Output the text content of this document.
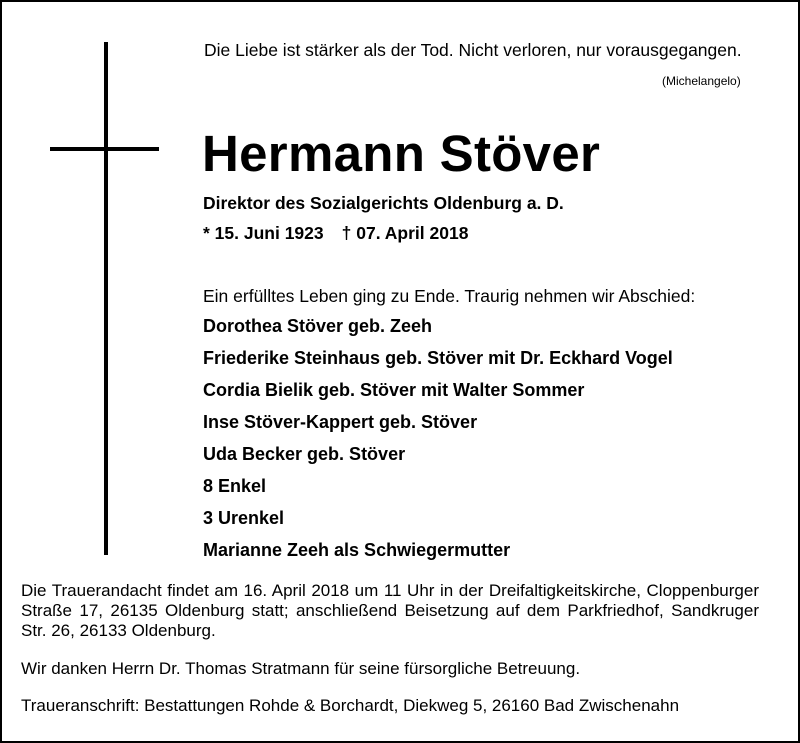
Die Liebe ist stärker als der Tod. Nicht verloren, nur vorausgegangen.
(Michelangelo)
Hermann Stöver
Direktor des Sozialgerichts Oldenburg a. D.
* 15. Juni 1923 † 07. April 2018
Ein erfülltes Leben ging zu Ende. Traurig nehmen wir Abschied:
Dorothea Stöver geb. Zeeh
Friederike Steinhaus geb. Stöver mit Dr. Eckhard Vogel
Cordia Bielik geb. Stöver mit Walter Sommer
Inse Stöver-Kappert geb. Stöver
Uda Becker geb. Stöver
8 Enkel
3 Urenkel
Marianne Zeeh als Schwiegermutter
Die Trauerandacht findet am 16. April 2018 um 11 Uhr in der Dreifaltigkeitskirche, Cloppenburger Straße 17, 26135 Oldenburg statt; anschließend Beisetzung auf dem Parkfriedhof, Sandkruger Str. 26, 26133 Oldenburg.
Wir danken Herrn Dr. Thomas Stratmann für seine fürsorgliche Betreuung.
Traueranschrift: Bestattungen Rohde & Borchardt, Diekweg 5, 26160 Bad Zwischenahn
